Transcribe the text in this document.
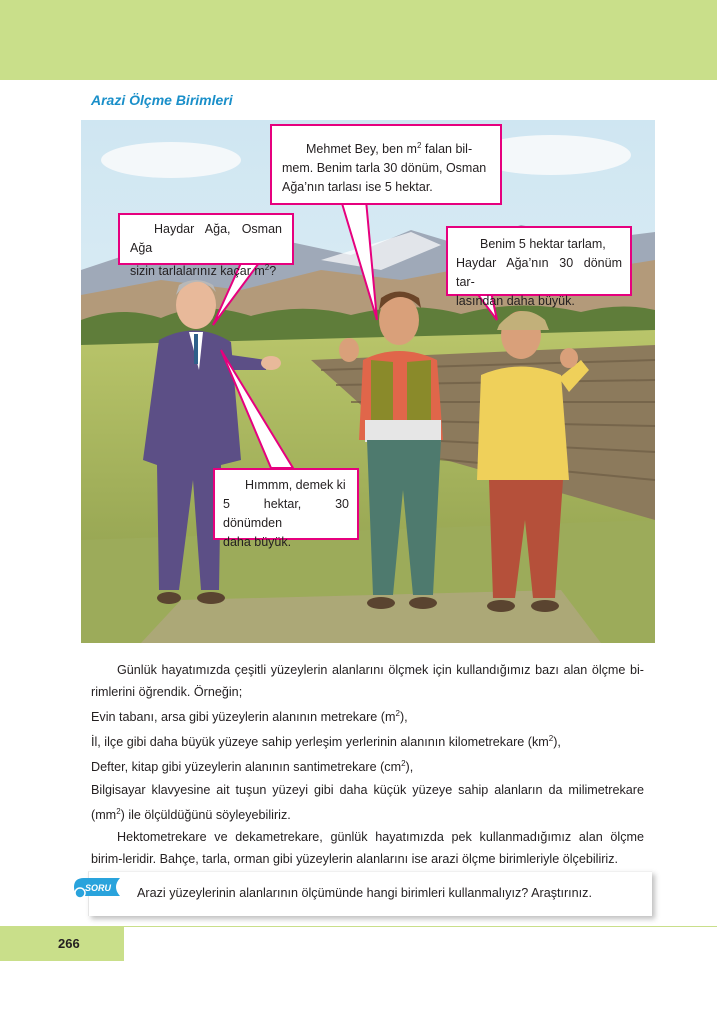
Arazi Ölçme Birimleri
Mehmet Bey, ben $m^2$ falan bil-
mem. Benim tarla 30 dönüm, Osman
Ağa’nın tarlası ise 5 hektar.
Haydar Ağa, Osman Ağa
sizin tarlalarınız kaçar $m^2$?
Benim 5 hektar tarlam,
Haydar Ağa’nın 30 dönüm tar-
lasından daha büyük.
Hımmm, demek ki
5 hektar, 30 dönümden
daha büyük.

Günlük hayatımızda çeşitli yüzeylerin alanlarını ölçmek için kullandığımız bazı alan ölçme bi-rimlerini öğrendik. Örneğin;

Evin tabanı, arsa gibi yüzeylerin alanının metrekare $(m^2)$,

İl, ilçe gibi daha büyük yüzeye sahip yerleşim yerlerinin alanının kilometrekare $(km^2)$,

Defter, kitap gibi yüzeylerin alanının santimetrekare $(cm^2)$,

Bilgisayar klavyesine ait tuşun yüzeyi gibi daha küçük yüzeye sahip alanların da milimetrekare $(mm^2)$ ile ölçüldüğünü söyleyebiliriz.

Hektometrekare ve dekametrekare, günlük hayatımızda pek kullanmadığımız alan ölçme birim-leridir. Bahçe, tarla, orman gibi yüzeylerin alanlarını ise arazi ölçme birimleriyle ölçebiliriz.

SORU Arazi yüzeylerinin alanlarının ölçümünde hangi birimleri kullanmalıyız? Araştırınız.
266
